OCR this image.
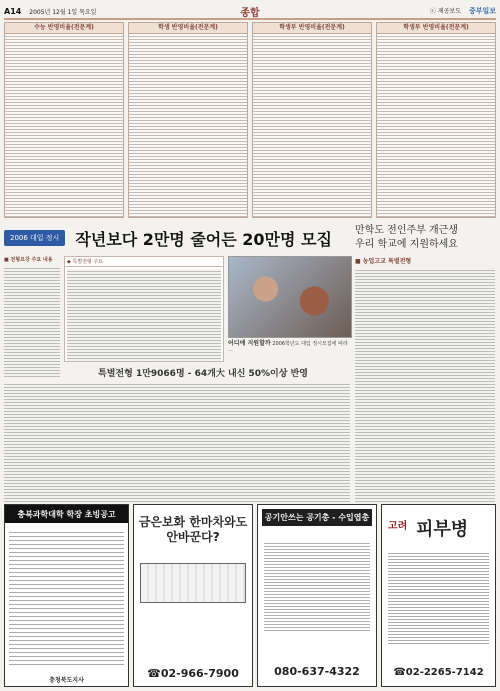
A14 2005년 12월 1일 목요일	종합	ⓒ 제공보도 중부일보
수능 반영비율(전문계)	학생 반영비율(전문계)	학생부 반영비율(전문계)	학생부 반영비율(전문계)
2006 대입 정시	작년보다 2만명 줄어든 20만명 모집 만학도 전인주부 개근생
우리 학교에 지원하세요
■ 전형요강 주요 내용	◆ 특별전형 주요
어디에 지원할까 2006학년도 대입 정시모집에 따라 ...
특별전형 1만9066명 - 64개大 내신 50%이상 반영
■ 농업고교 특별전형
충북과학대학 학장 초빙공고
충청북도지사
금은보화 한마차와도
안바꾼다?
☎02-966-7900
공기안쓰는 공기총 - 수입엽총
080-637-4322
고려 피부병
☎02-2265-7142
